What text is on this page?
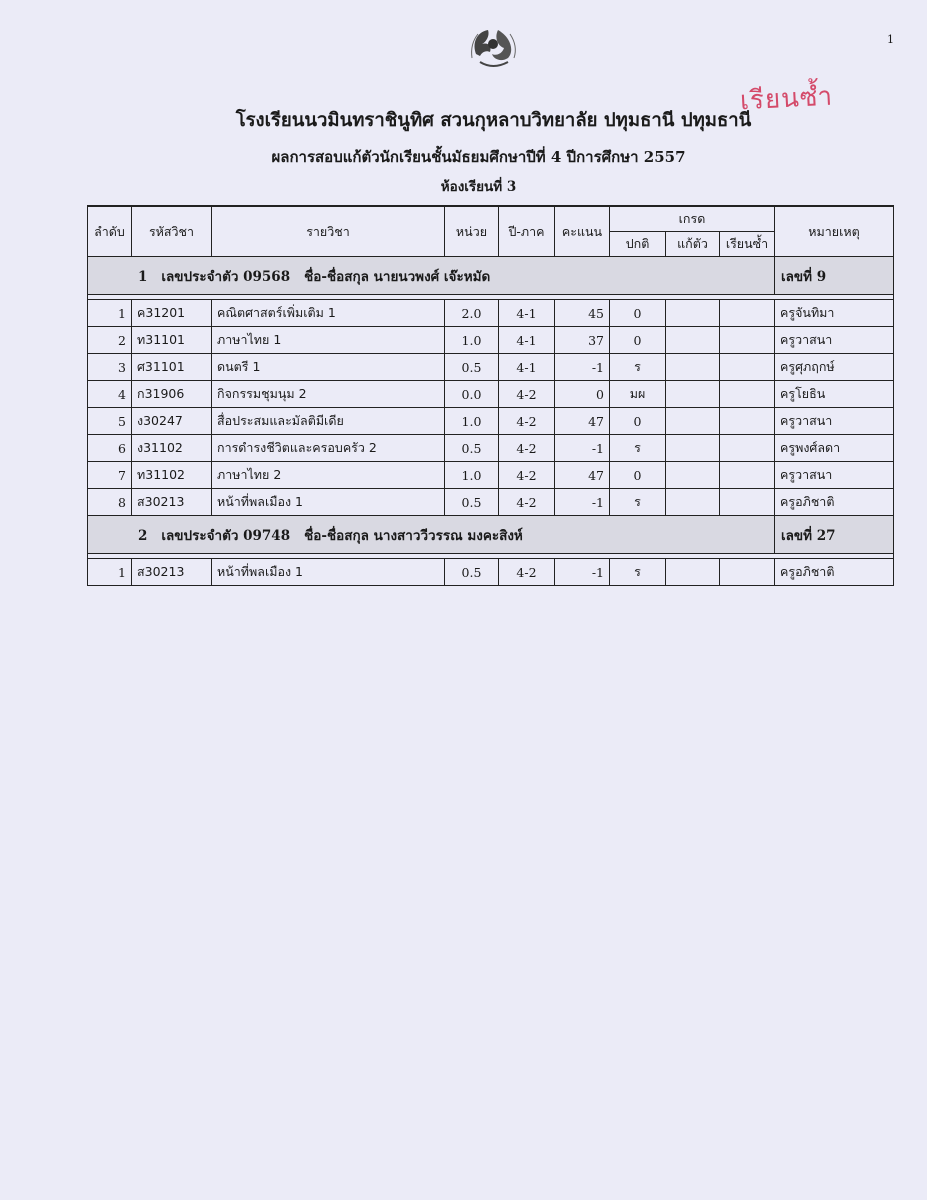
1
เรียนซ้ำ
โรงเรียนนวมินทราชินูทิศ สวนกุหลาบวิทยาลัย ปทุมธานี ปทุมธานี
ผลการสอบแก้ตัวนักเรียนชั้นมัธยมศึกษาปีที่ 4 ปีการศึกษา 2557
ห้องเรียนที่ 3
ลำดับ	รหัสวิชา	รายวิชา	หน่วย	ปี-ภาค	คะแนน	เกรด			หมายเหตุ
						ปกติ	แก้ตัว	เรียนซ้ำ	
1 เลขประจำตัว 09568 ชื่อ-ชื่อสกุล นายนวพงศ์ เจ๊ะหมัด									เลขที่ 9

1	ค31201	คณิตศาสตร์เพิ่มเติม 1	2.0	4-1	45	0			ครูจันทิมา
2	ท31101	ภาษาไทย 1	1.0	4-1	37	0			ครูวาสนา
3	ศ31101	ดนตรี 1	0.5	4-1	-1	ร			ครูศุภฤกษ์
4	ก31906	กิจกรรมชุมนุม 2	0.0	4-2	0	มผ			ครูโยธิน
5	ง30247	สื่อประสมและมัลติมีเดีย	1.0	4-2	47	0			ครูวาสนา
6	ง31102	การดำรงชีวิตและครอบครัว 2	0.5	4-2	-1	ร			ครูพงศ์ลดา
7	ท31102	ภาษาไทย 2	1.0	4-2	47	0			ครูวาสนา
8	ส30213	หน้าที่พลเมือง 1	0.5	4-2	-1	ร			ครูอภิชาติ
2 เลขประจำตัว 09748 ชื่อ-ชื่อสกุล นางสาววีวรรณ มงคะสิงห์									เลขที่ 27

1	ส30213	หน้าที่พลเมือง 1	0.5	4-2	-1	ร			ครูอภิชาติ
